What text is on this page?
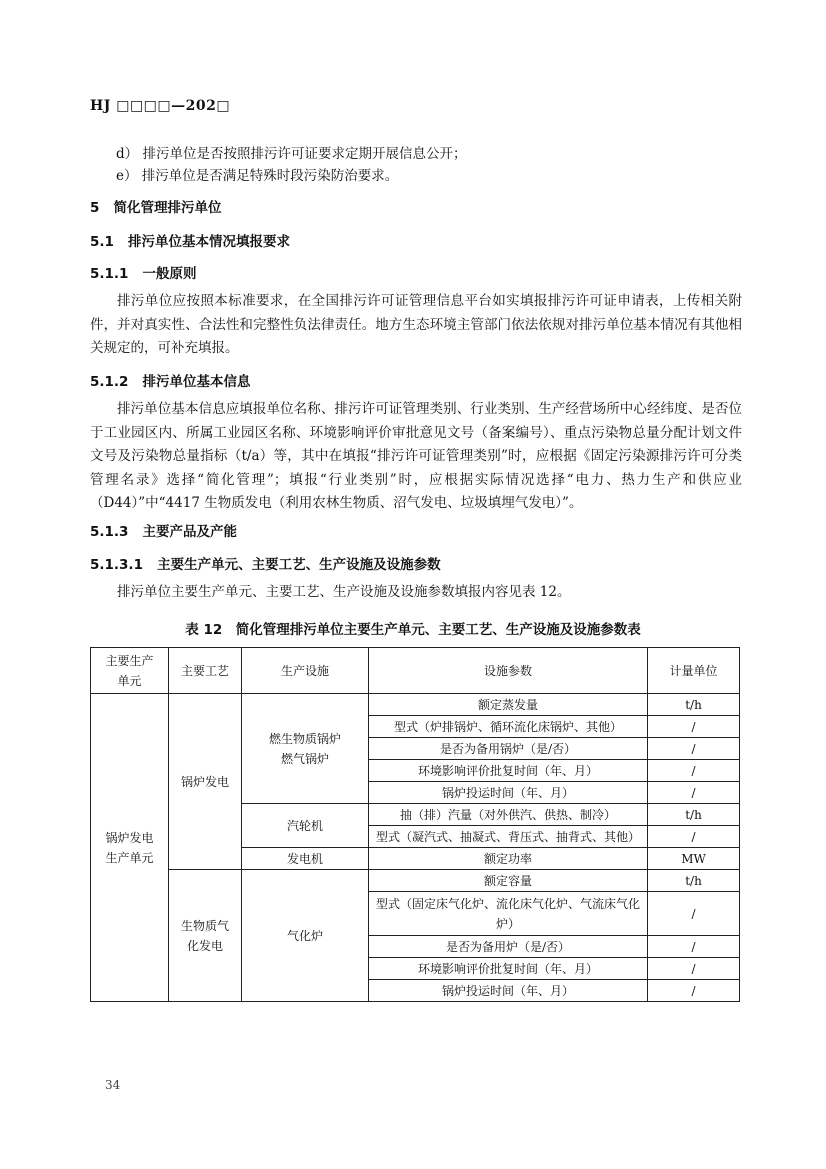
HJ □□□□—202□
d） 排污单位是否按照排污许可证要求定期开展信息公开；
e） 排污单位是否满足特殊时段污染防治要求。
5 简化管理排污单位
5.1 排污单位基本情况填报要求
5.1.1 一般原则
排污单位应按照本标准要求，在全国排污许可证管理信息平台如实填报排污许可证申请表，上传相关附件，并对真实性、合法性和完整性负法律责任。地方生态环境主管部门依法依规对排污单位基本情况有其他相关规定的，可补充填报。
5.1.2 排污单位基本信息
排污单位基本信息应填报单位名称、排污许可证管理类别、行业类别、生产经营场所中心经纬度、是否位于工业园区内、所属工业园区名称、环境影响评价审批意见文号（备案编号）、重点污染物总量分配计划文件文号及污染物总量指标（t/a）等，其中在填报“排污许可证管理类别”时，应根据《固定污染源排污许可分类管理名录》选择“简化管理”；填报“行业类别”时，应根据实际情况选择“电力、热力生产和供应业（D44）”中“4417 生物质发电（利用农林生物质、沼气发电、垃圾填埋气发电）”。
5.1.3 主要产品及产能
5.1.3.1 主要生产单元、主要工艺、生产设施及设施参数
排污单位主要生产单元、主要工艺、生产设施及设施参数填报内容见表 12。
表 12　简化管理排污单位主要生产单元、主要工艺、生产设施及设施参数表
主要生产单元	主要工艺	生产设施	设施参数	计量单位
锅炉发电生产单元	锅炉发电	燃生物质锅炉燃气锅炉	额定蒸发量	t/h
			型式（炉排锅炉、循环流化床锅炉、其他）	/
			是否为备用锅炉（是/否）	/
			环境影响评价批复时间（年、月）	/
			锅炉投运时间（年、月）	/
		汽轮机	抽（排）汽量（对外供汽、供热、制冷）	t/h
			型式（凝汽式、抽凝式、背压式、抽背式、其他）	/
		发电机	额定功率	MW
	生物质气化发电	气化炉	额定容量	t/h
			型式（固定床气化炉、流化床气化炉、气流床气化炉）	/
			是否为备用炉（是/否）	/
			环境影响评价批复时间（年、月）	/
			锅炉投运时间（年、月）	/
34
